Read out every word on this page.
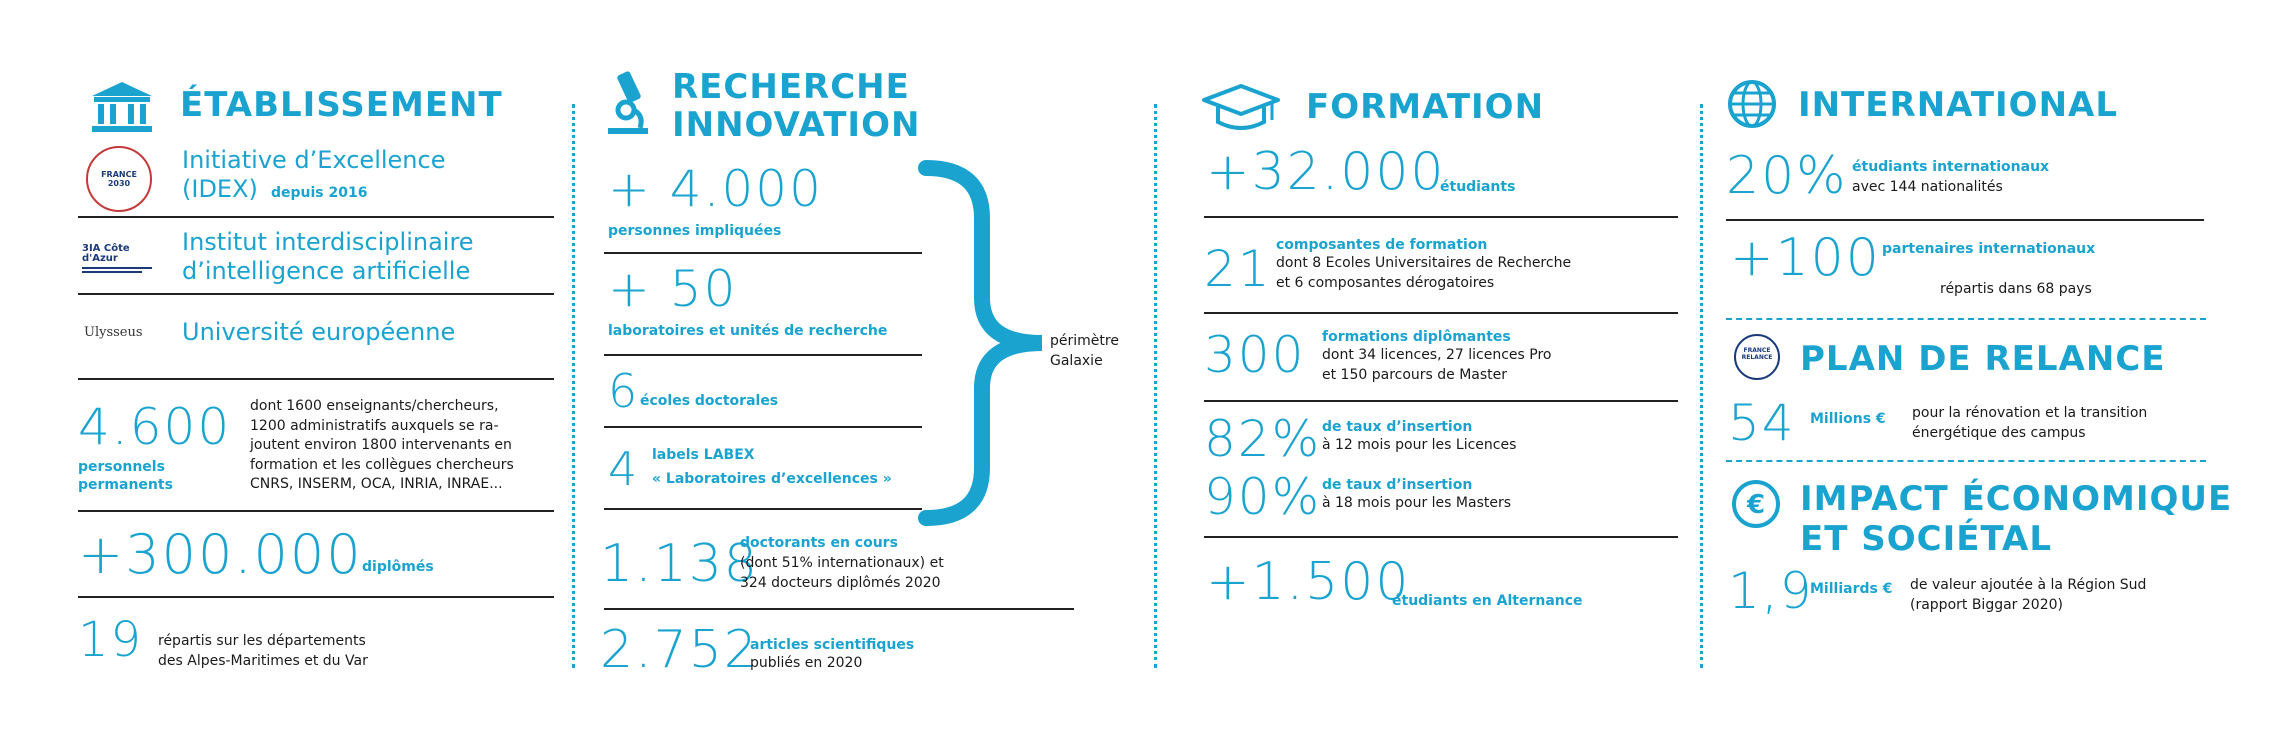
ÉTABLISSEMENT
FRANCE 2030
Initiative d’Excellence
(IDEX) depuis 2016
3IA Côte d'Azur
Institut interdisciplinaire
d’intelligence artificielle
Ulysseus Université européenne
4.600
personnels
permanents
dont 1600 enseignants/chercheurs,
1200 administratifs auxquels se ra-
joutent environ 1800 intervenants en
formation et les collègues chercheurs
CNRS, INSERM, OCA, INRIA, INRAE...
+300.000 diplômés
19 répartis sur les départements
des Alpes-Maritimes et du Var
RECHERCHE
INNOVATION
+ 4.000
personnes impliquées
+ 50
laboratoires et unités de recherche
6 écoles doctorales
4 labels LABEX
« Laboratoires d’excellences »
périmètre
Galaxie
1.138
doctorants en cours
(dont 51% internationaux) et
324 docteurs diplômés 2020
2.752
articles scientifiques
publiés en 2020
FORMATION
+32.000
étudiants
21 composantes de formation
dont 8 Ecoles Universitaires de Recherche
et 6 composantes dérogatoires
300 formations diplômantes
dont 34 licences, 27 licences Pro
et 150 parcours de Master
82% de taux d’insertion
à 12 mois pour les Licences
90% de taux d’insertion
à 18 mois pour les Masters
+1.500
étudiants en Alternance
INTERNATIONAL
20% étudiants internationaux
avec 144 nationalités
+100 partenaires internationaux
répartis dans 68 pays
FRANCE RELANCE PLAN DE RELANCE
54 Millions € pour la rénovation et la transition
énergétique des campus
€ IMPACT ÉCONOMIQUE
ET SOCIÉTAL
1,9
Milliards € de valeur ajoutée à la Région Sud
(rapport Biggar 2020)
